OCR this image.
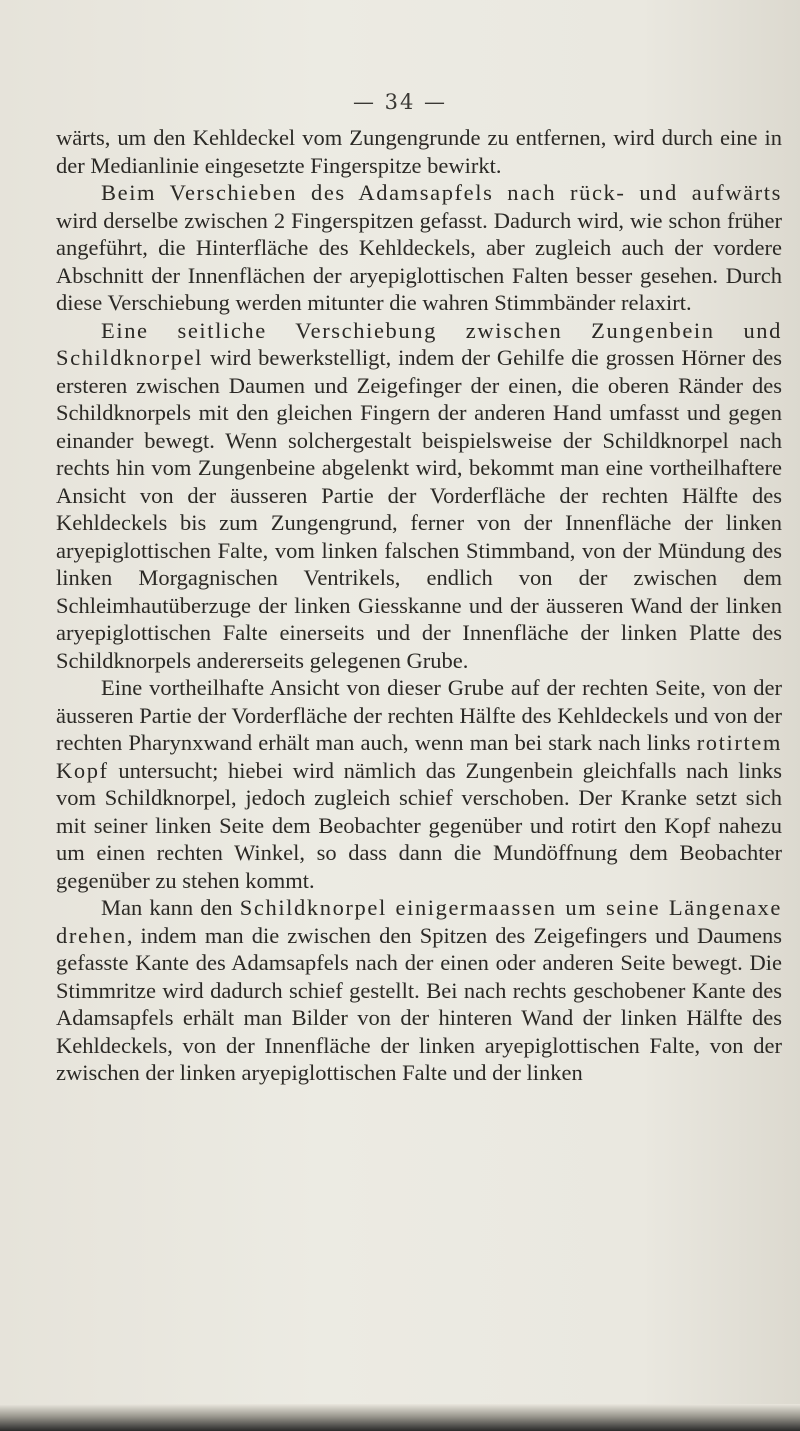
— 34 —

wärts, um den Kehldeckel vom Zungengrunde zu entfernen, wird durch eine in der Medianlinie eingesetzte Fingerspitze bewirkt.

Beim Verschieben des Adamsapfels nach rück- und aufwärts wird derselbe zwischen 2 Fingerspitzen gefasst. Dadurch wird, wie schon früher angeführt, die Hinterfläche des Kehldeckels, aber zugleich auch der vordere Abschnitt der Innenflächen der aryepiglottischen Falten besser gesehen. Durch diese Verschiebung werden mitunter die wahren Stimmbänder relaxirt.

Eine seitliche Verschiebung zwischen Zungenbein und Schildknorpel wird bewerkstelligt, indem der Gehilfe die grossen Hörner des ersteren zwischen Daumen und Zeigefinger der einen, die oberen Ränder des Schildknorpels mit den gleichen Fingern der anderen Hand umfasst und gegen einander bewegt. Wenn solchergestalt beispielsweise der Schildknorpel nach rechts hin vom Zungenbeine abgelenkt wird, bekommt man eine vortheilhaftere Ansicht von der äusseren Partie der Vorderfläche der rechten Hälfte des Kehldeckels bis zum Zungengrund, ferner von der Innenfläche der linken aryepiglottischen Falte, vom linken falschen Stimmband, von der Mündung des linken Morgagnischen Ventrikels, endlich von der zwischen dem Schleimhautüberzuge der linken Giesskanne und der äusseren Wand der linken aryepiglottischen Falte einerseits und der Innenfläche der linken Platte des Schildknorpels andererseits gelegenen Grube.

Eine vortheilhafte Ansicht von dieser Grube auf der rechten Seite, von der äusseren Partie der Vorderfläche der rechten Hälfte des Kehldeckels und von der rechten Pharynxwand erhält man auch, wenn man bei stark nach links rotirtem Kopf untersucht; hiebei wird nämlich das Zungenbein gleichfalls nach links vom Schildknorpel, jedoch zugleich schief verschoben. Der Kranke setzt sich mit seiner linken Seite dem Beobachter gegenüber und rotirt den Kopf nahezu um einen rechten Winkel, so dass dann die Mundöffnung dem Beobachter gegenüber zu stehen kommt.

Man kann den Schildknorpel einigermaassen um seine Längenaxe drehen, indem man die zwischen den Spitzen des Zeigefingers und Daumens gefasste Kante des Adamsapfels nach der einen oder anderen Seite bewegt. Die Stimmritze wird dadurch schief gestellt. Bei nach rechts geschobener Kante des Adamsapfels erhält man Bilder von der hinteren Wand der linken Hälfte des Kehldeckels, von der Innenfläche der linken aryepiglottischen Falte, von der zwischen der linken aryepiglottischen Falte und der linken
